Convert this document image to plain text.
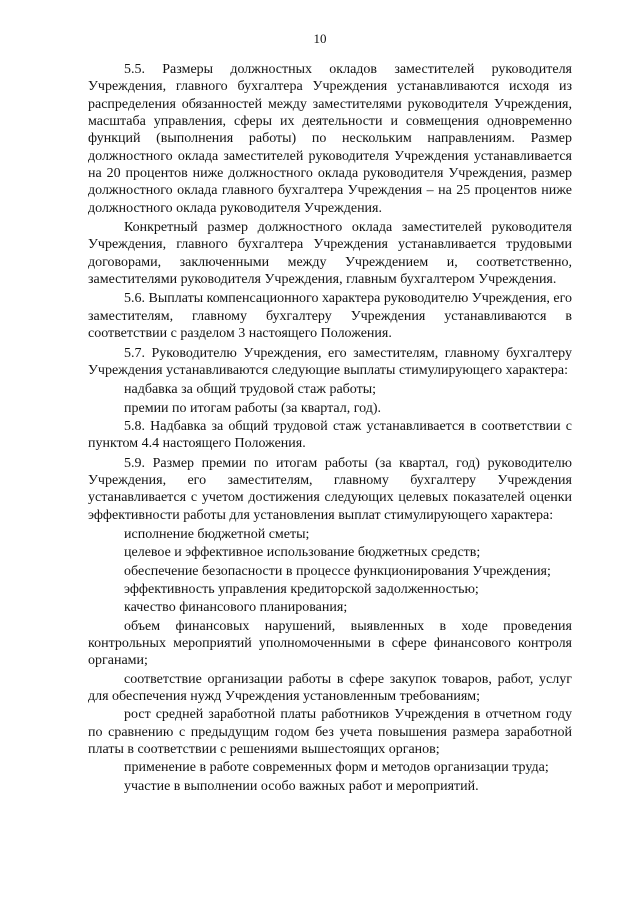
10

5.5. Размеры должностных окладов заместителей руководителя Учреждения, главного бухгалтера Учреждения устанавливаются исходя из распределения обязанностей между заместителями руководителя Учреждения, масштаба управления, сферы их деятельности и совмещения одновременно функций (выполнения работы) по нескольким направлениям. Размер должностного оклада заместителей руководителя Учреждения устанавливается на 20 процентов ниже должностного оклада руководителя Учреждения, размер должностного оклада главного бухгалтера Учреждения – на 25 процентов ниже должностного оклада руководителя Учреждения.

Конкретный размер должностного оклада заместителей руководителя Учреждения, главного бухгалтера Учреждения устанавливается трудовыми договорами, заключенными между Учреждением и, соответственно, заместителями руководителя Учреждения, главным бухгалтером Учреждения.

5.6. Выплаты компенсационного характера руководителю Учреждения, его заместителям, главному бухгалтеру Учреждения устанавливаются в соответствии с разделом 3 настоящего Положения.

5.7. Руководителю Учреждения, его заместителям, главному бухгалтеру Учреждения устанавливаются следующие выплаты стимулирующего характера:

надбавка за общий трудовой стаж работы;

премии по итогам работы (за квартал, год).

5.8. Надбавка за общий трудовой стаж устанавливается в соответствии с пунктом 4.4 настоящего Положения.

5.9. Размер премии по итогам работы (за квартал, год) руководителю Учреждения, его заместителям, главному бухгалтеру Учреждения устанавливается с учетом достижения следующих целевых показателей оценки эффективности работы для установления выплат стимулирующего характера:

исполнение бюджетной сметы;

целевое и эффективное использование бюджетных средств;

обеспечение безопасности в процессе функционирования Учреждения;

эффективность управления кредиторской задолженностью;

качество финансового планирования;

объем финансовых нарушений, выявленных в ходе проведения контрольных мероприятий уполномоченными в сфере финансового контроля органами;

соответствие организации работы в сфере закупок товаров, работ, услуг для обеспечения нужд Учреждения установленным требованиям;

рост средней заработной платы работников Учреждения в отчетном году по сравнению с предыдущим годом без учета повышения размера заработной платы в соответствии с решениями вышестоящих органов;

применение в работе современных форм и методов организации труда;

участие в выполнении особо важных работ и мероприятий.
